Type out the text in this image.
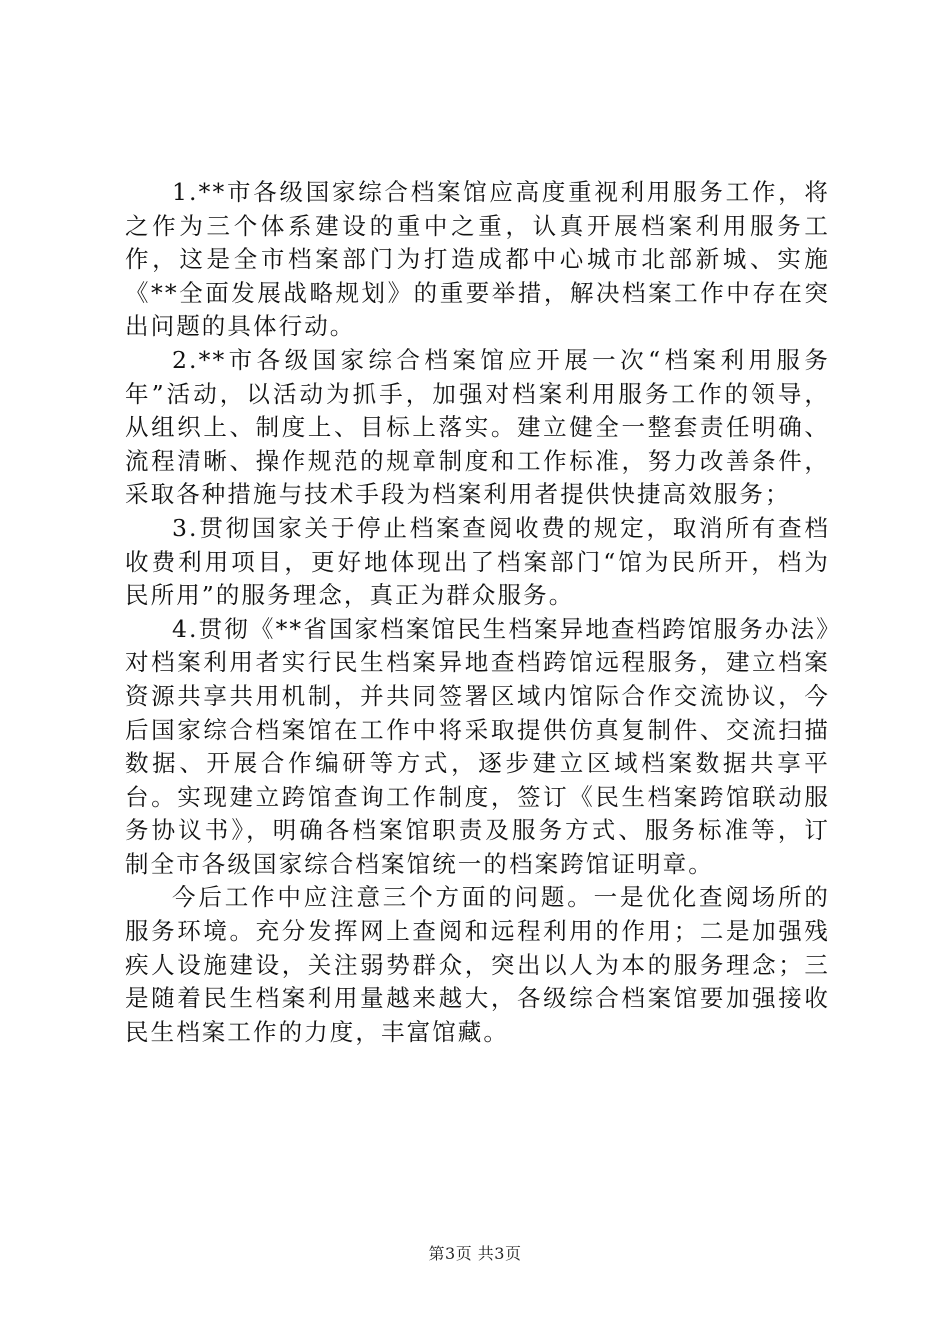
1.**市各级国家综合档案馆应高度重视利用服务工作，将之作为三个体系建设的重中之重，认真开展档案利用服务工作，这是全市档案部门为打造成都中心城市北部新城、实施《**全面发展战略规划》的重要举措，解决档案工作中存在突出问题的具体行动。

2.**市各级国家综合档案馆应开展一次“档案利用服务年”活动，以活动为抓手，加强对档案利用服务工作的领导，从组织上、制度上、目标上落实。建立健全一整套责任明确、流程清晰、操作规范的规章制度和工作标准，努力改善条件，采取各种措施与技术手段为档案利用者提供快捷高效服务；

3.贯彻国家关于停止档案查阅收费的规定，取消所有查档收费利用项目，更好地体现出了档案部门“馆为民所开，档为民所用”的服务理念，真正为群众服务。

4.贯彻《**省国家档案馆民生档案异地查档跨馆服务办法》对档案利用者实行民生档案异地查档跨馆远程服务，建立档案资源共享共用机制，并共同签署区域内馆际合作交流协议，今后国家综合档案馆在工作中将采取提供仿真复制件、交流扫描数据、开展合作编研等方式，逐步建立区域档案数据共享平台。实现建立跨馆查询工作制度，签订《民生档案跨馆联动服务协议书》，明确各档案馆职责及服务方式、服务标准等，订制全市各级国家综合档案馆统一的档案跨馆证明章。

今后工作中应注意三个方面的问题。一是优化查阅场所的服务环境。充分发挥网上查阅和远程利用的作用；二是加强残疾人设施建设，关注弱势群众，突出以人为本的服务理念；三是随着民生档案利用量越来越大，各级综合档案馆要加强接收民生档案工作的力度，丰富馆藏。

第3页 共3页
